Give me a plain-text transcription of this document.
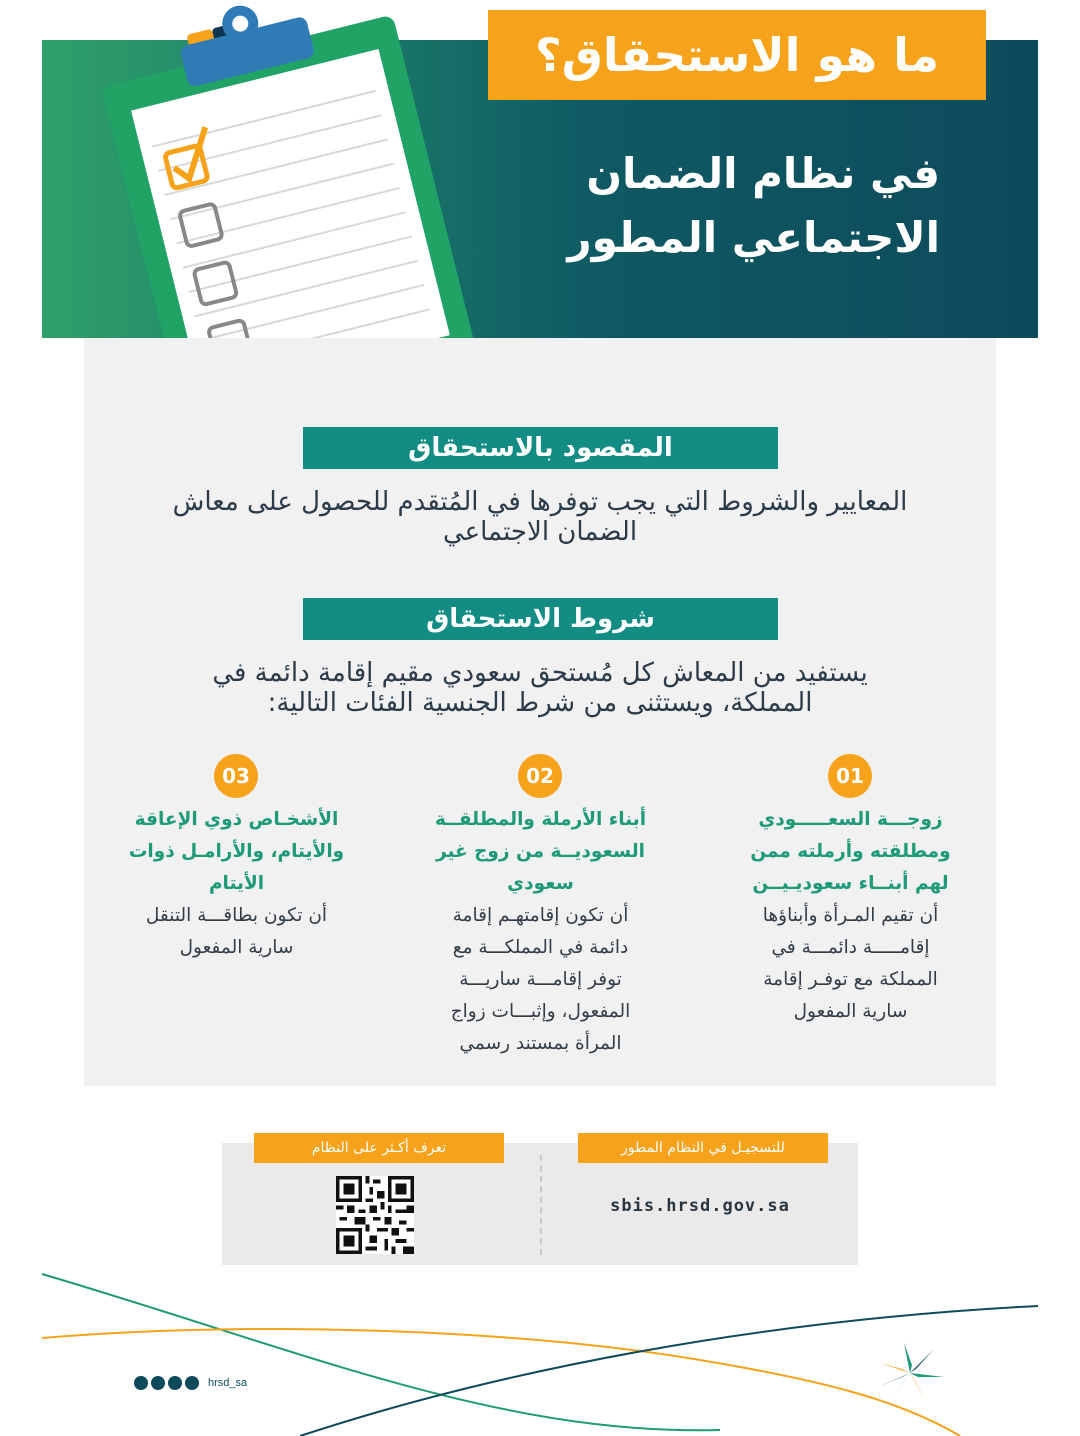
ما هو الاستحقاق؟
في نظام الضمان
الاجتماعي المطور
المقصود بالاستحقاق
المعايير والشروط التي يجب توفرها في المُتقدم للحصول على معاش
الضمان الاجتماعي
شروط الاستحقاق
يستفيد من المعاش كل مُستحق سعودي مقيم إقامة دائمة في
المملكة، ويستثنى من شرط الجنسية الفئات التالية:
01
زوجـــة السعـــــودي
ومطلقته وأرملته ممن
لهم أبنــاء سعوديـيــن
أن تقيم المـرأة وأبناؤها
إقامـــــة دائمـــة في
المملكة مع توفـر إقامة
سارية المفعول
02
أبناء الأرملة والمطلقــة
السعوديــة من زوج غير
سعودي
أن تكون إقامتهـم إقامة
دائمة في المملكـــة مع
توفر إقامـــة ساريـــة
المفعول، وإثبـــات زواج
المرأة بمستند رسمي
03
الأشخـاص ذوي الإعاقة
والأيتام، والأرامـل ذوات
الأيتام
أن تكون بطاقـــة التنقل
سارية المفعول
للتسجيـل في النظام المطور
تعرف أكـثر على النظام
sbis.hrsd.gov.sa
hrsd_sa
